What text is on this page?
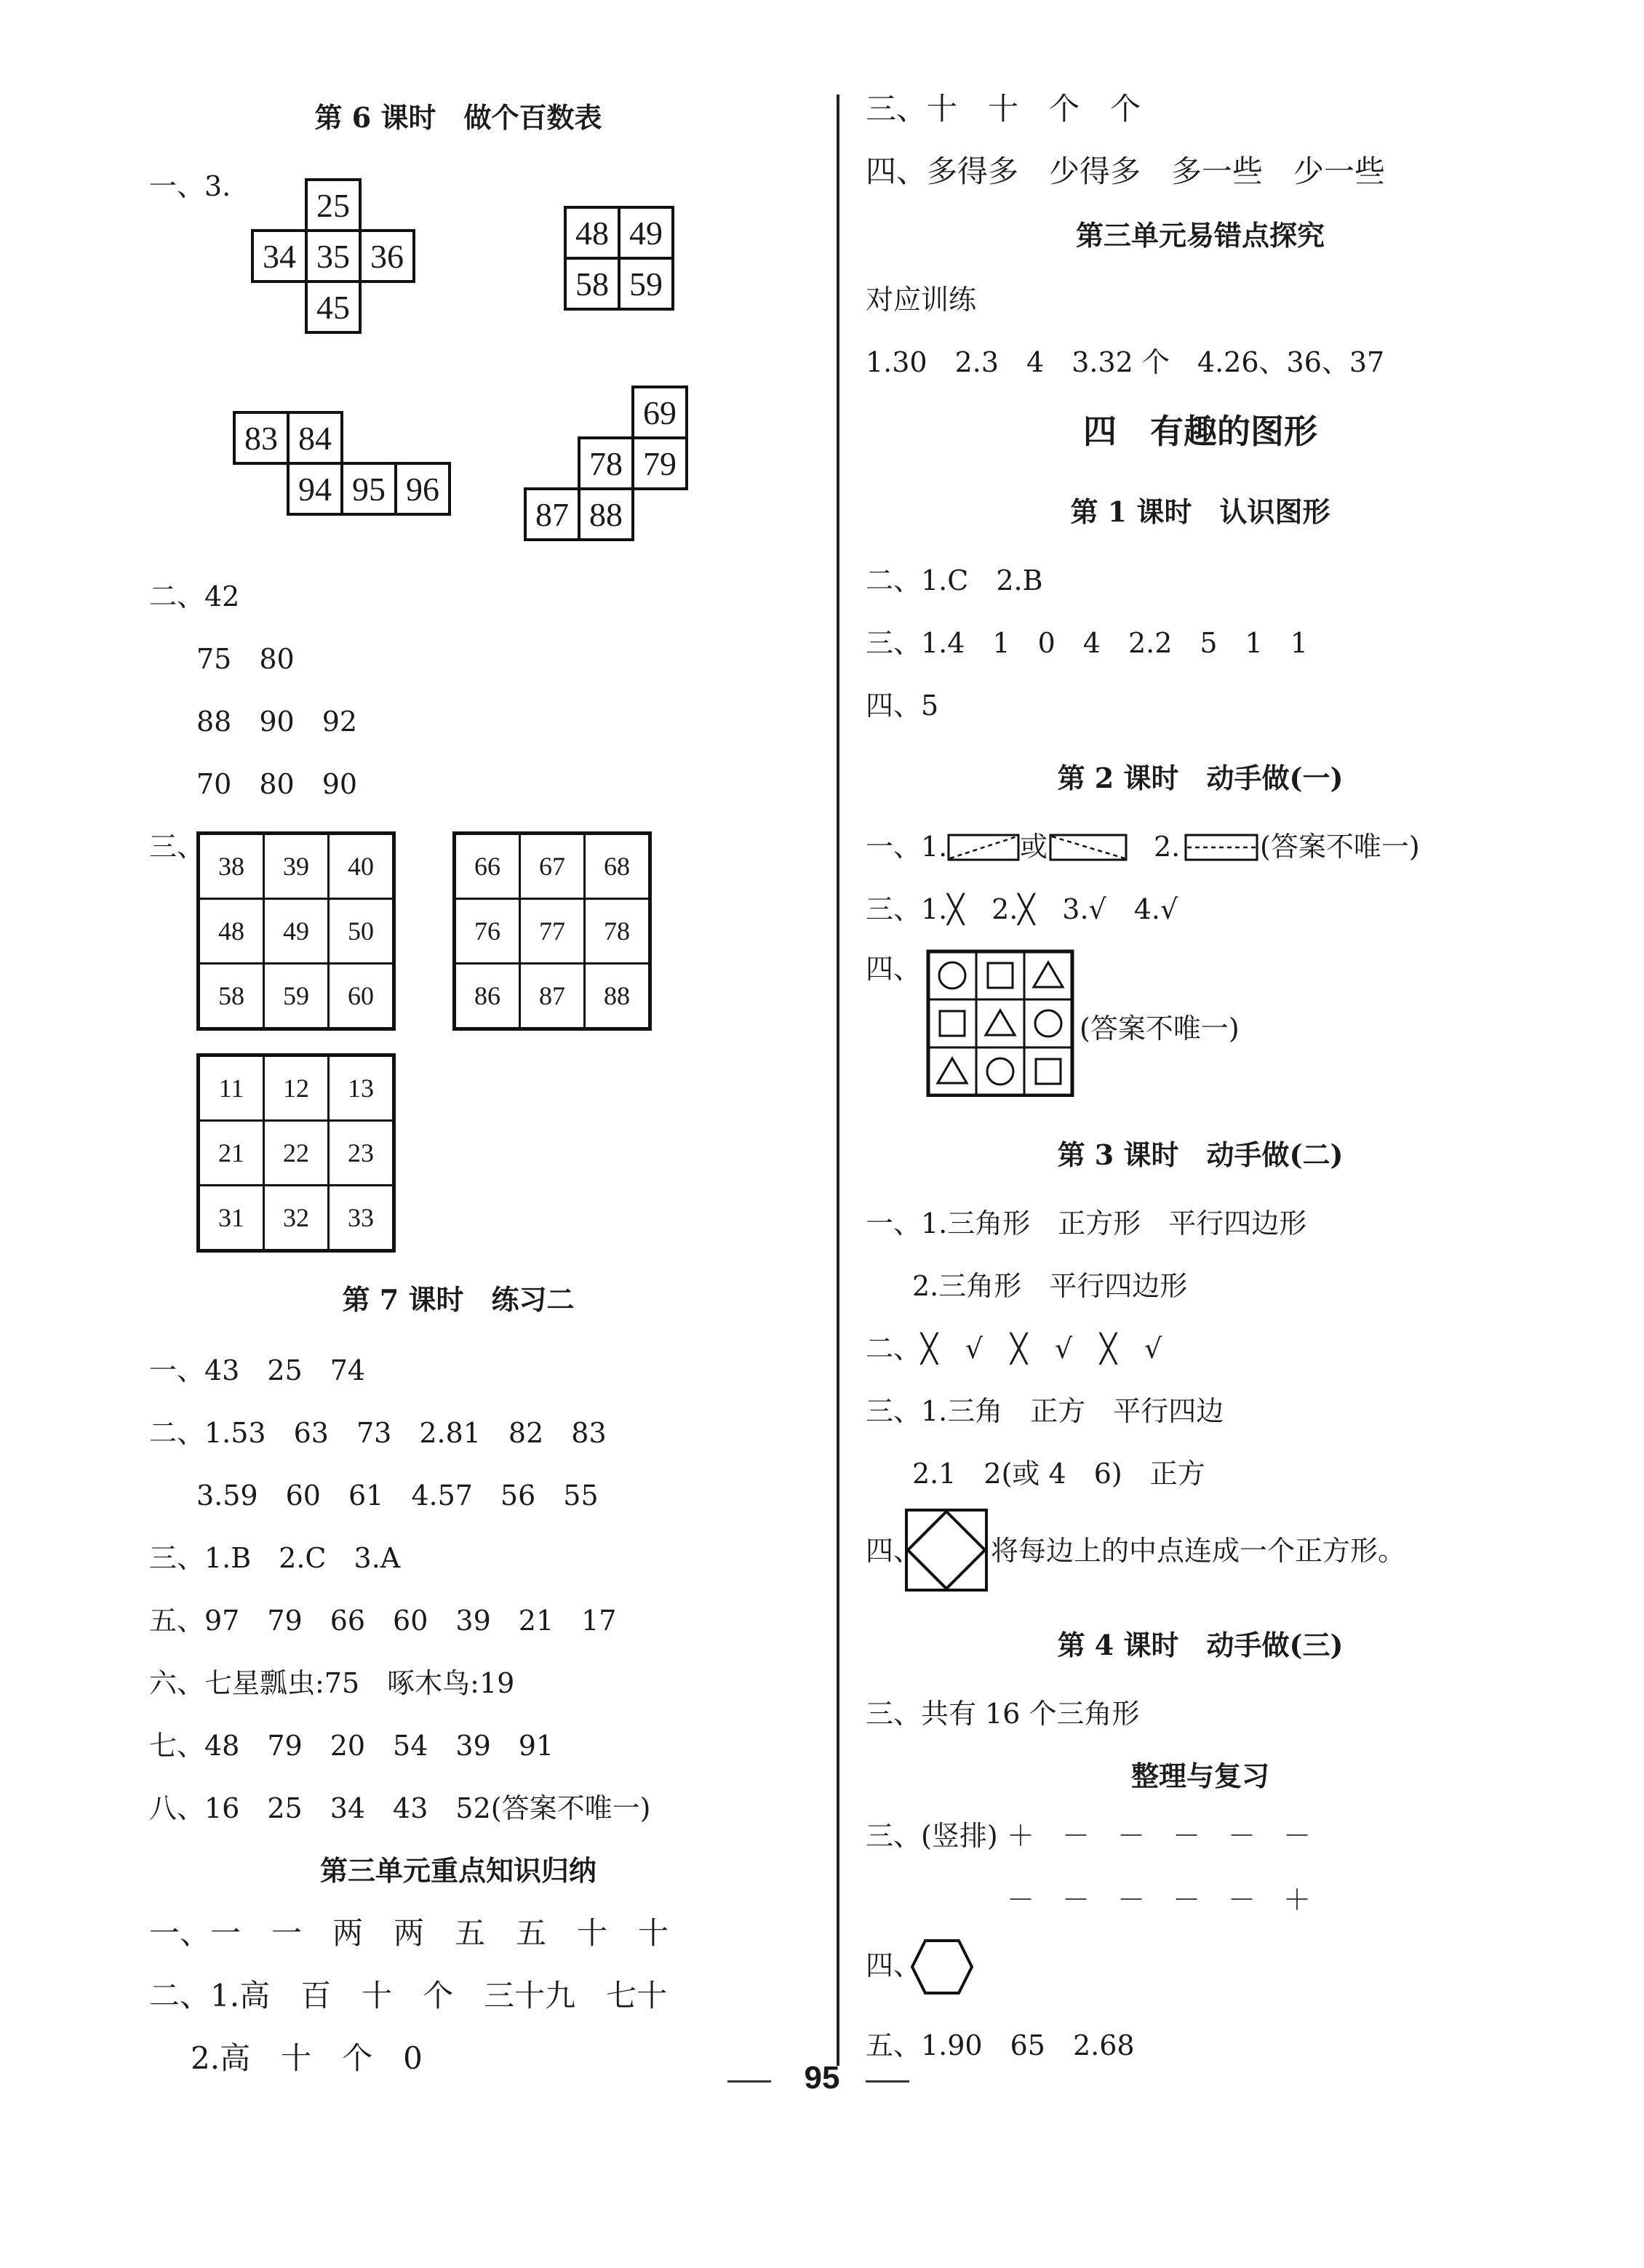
第 6 课时　做个百数表
一、3.
	25	
34	35	36
	45	
48	49
58	59
83	84		
	94	95	96
		69
	78	79
87	88	
二、42
75　80
88　90　92
70　80　90
三、
38	39	40
48	49	50
58	59	60
66	67	68
76	77	78
86	87	88
11	12	13
21	22	23
31	32	33
第 7 课时　练习二
一、43　25　74
二、1.53　63　73　2.81　82　83
3.59　60　61　4.57　56　55
三、1.B　2.C　3.A
五、97　79　66　60　39　21　17
六、七星瓢虫:75　啄木鸟:19
七、48　79　20　54　39　91
八、16　25　34　43　52(答案不唯一)
第三单元重点知识归纳
一、一　一　两　两　五　五　十　十
二、1.高　百　十　个　三十九　七十
2.高　十　个　0
三、十　十　个　个
四、多得多　少得多　多一些　少一些
第三单元易错点探究
对应训练
1.30　2.3　4　3.32 个　4.26、36、37
四　有趣的图形
第 1 课时　认识图形
二、1.C　2.B
三、1.4　1　0　4　2.2　5　1　1
四、5
第 2 课时　动手做(一)
一、1.	或	2.	(答案不唯一)
三、1.╳　2.╳　3.√　4.√
四、
(答案不唯一)
第 3 课时　动手做(二)
一、1.三角形　正方形　平行四边形
2.三角形　平行四边形
二、╳　√　╳　√　╳　√
三、1.三角　正方　平行四边
2.1　2(或 4　6)　正方
四、	将每边上的中点连成一个正方形。
第 4 课时　动手做(三)
三、共有 16 个三角形
整理与复习
三、(竖排) ＋　－　－　－　－　－
－　－　－　－　－　＋
四、
五、1.90　65　2.68
95
